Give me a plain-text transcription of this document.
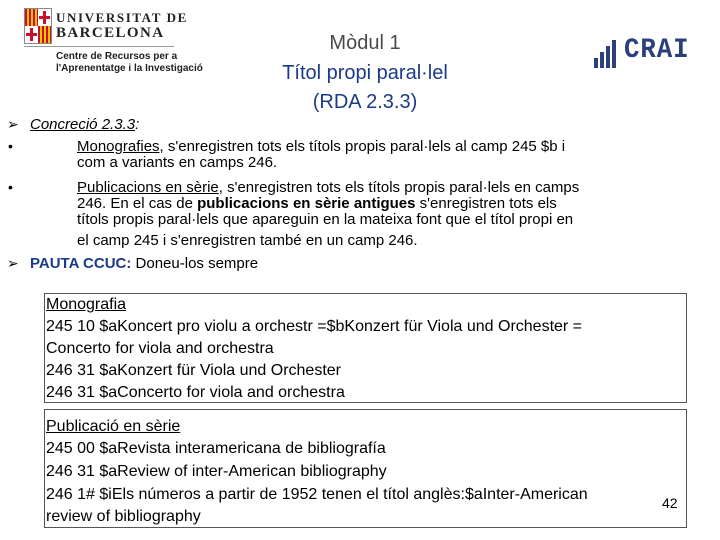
UNIVERSITAT DE
BARCELONA
Centre de Recursos per a
l'Aprenentatge i la Investigació
Mòdul 1
Títol propi paral·lel
(RDA 2.3.3)
CRAI
➢ Concreció 2.3.3:
•	Monografies, s'enregistren tots els títols propis paral·lels al camp 245 $b i
com a variants en camps 246.
•	Publicacions en sèrie, s'enregistren tots els títols propis paral·lels en camps
246. En el cas de publicacions en sèrie antigues s'enregistren tots els
títols propis paral·lels que apareguin en la mateixa font que el títol propi en
el camp 245 i s'enregistren també en un camp 246.
➢ PAUTA CCUC: Doneu-los sempre
Monografia
245 10 $aKoncert pro violu a orchestr =$bKonzert für Viola und Orchester =
Concerto for viola and orchestra
246 31 $aKonzert für Viola und Orchester
246 31 $aConcerto for viola and orchestra
Publicació en sèrie
245 00 $aRevista interamericana de bibliografía
246 31 $aReview of inter-American bibliography
246 1# $iEls números a partir de 1952 tenen el títol anglès:$aInter-American
review of bibliography
42
